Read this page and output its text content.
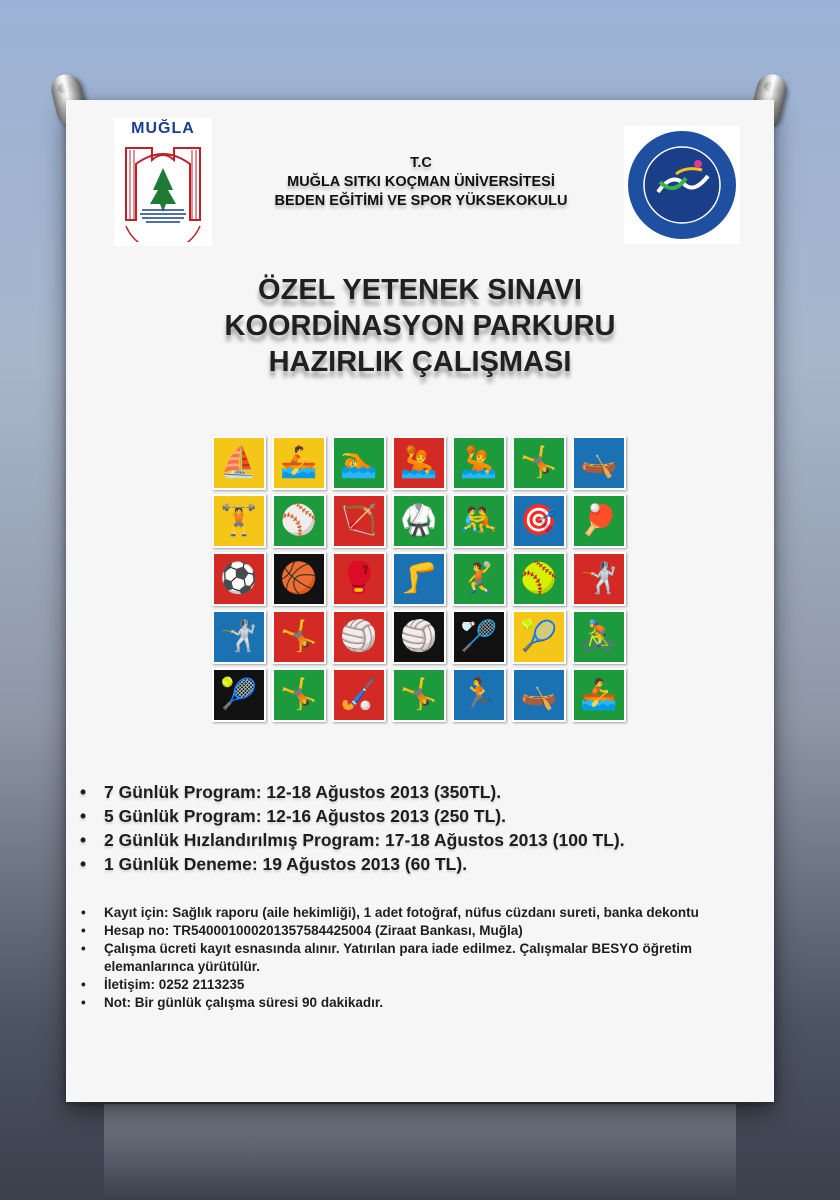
MUĞLA
T.C
MUĞLA SITKI KOÇMAN ÜNİVERSİTESİ
BEDEN EĞİTİMİ VE SPOR YÜKSEKOKULU
ÖZEL YETENEK SINAVI
KOORDİNASYON PARKURU
HAZIRLIK ÇALIŞMASI
⛵ 🚣 🏊 🤽 🤽 🤸 🛶
🏋 ⚾ 🏹 🥋 🤼 🎯 🏓
⚽ 🏀 🥊 🦵 🤾 🥎 🤺
🤺 🤸 🏐 🏐 🏸 🎾 🚴
🎾 🤸 🏑 🤸 🏃 🛶 🚣
• 7 Günlük Program: 12-18 Ağustos 2013 (350TL).
• 5 Günlük Program: 12-16 Ağustos 2013 (250 TL).
• 2 Günlük Hızlandırılmış Program: 17-18 Ağustos 2013 (100 TL).
• 1 Günlük Deneme: 19 Ağustos 2013 (60 TL).
• Kayıt için: Sağlık raporu (aile hekimliği), 1 adet fotoğraf, nüfus cüzdanı sureti, banka dekontu
• Hesap no: TR540001000201357584425004 (Ziraat Bankası, Muğla)
• Çalışma ücreti kayıt esnasında alınır. Yatırılan para iade edilmez. Çalışmalar BESYO öğretim elemanlarınca yürütülür.
• İletişim: 0252 2113235
• Not: Bir günlük çalışma süresi 90 dakikadır.
